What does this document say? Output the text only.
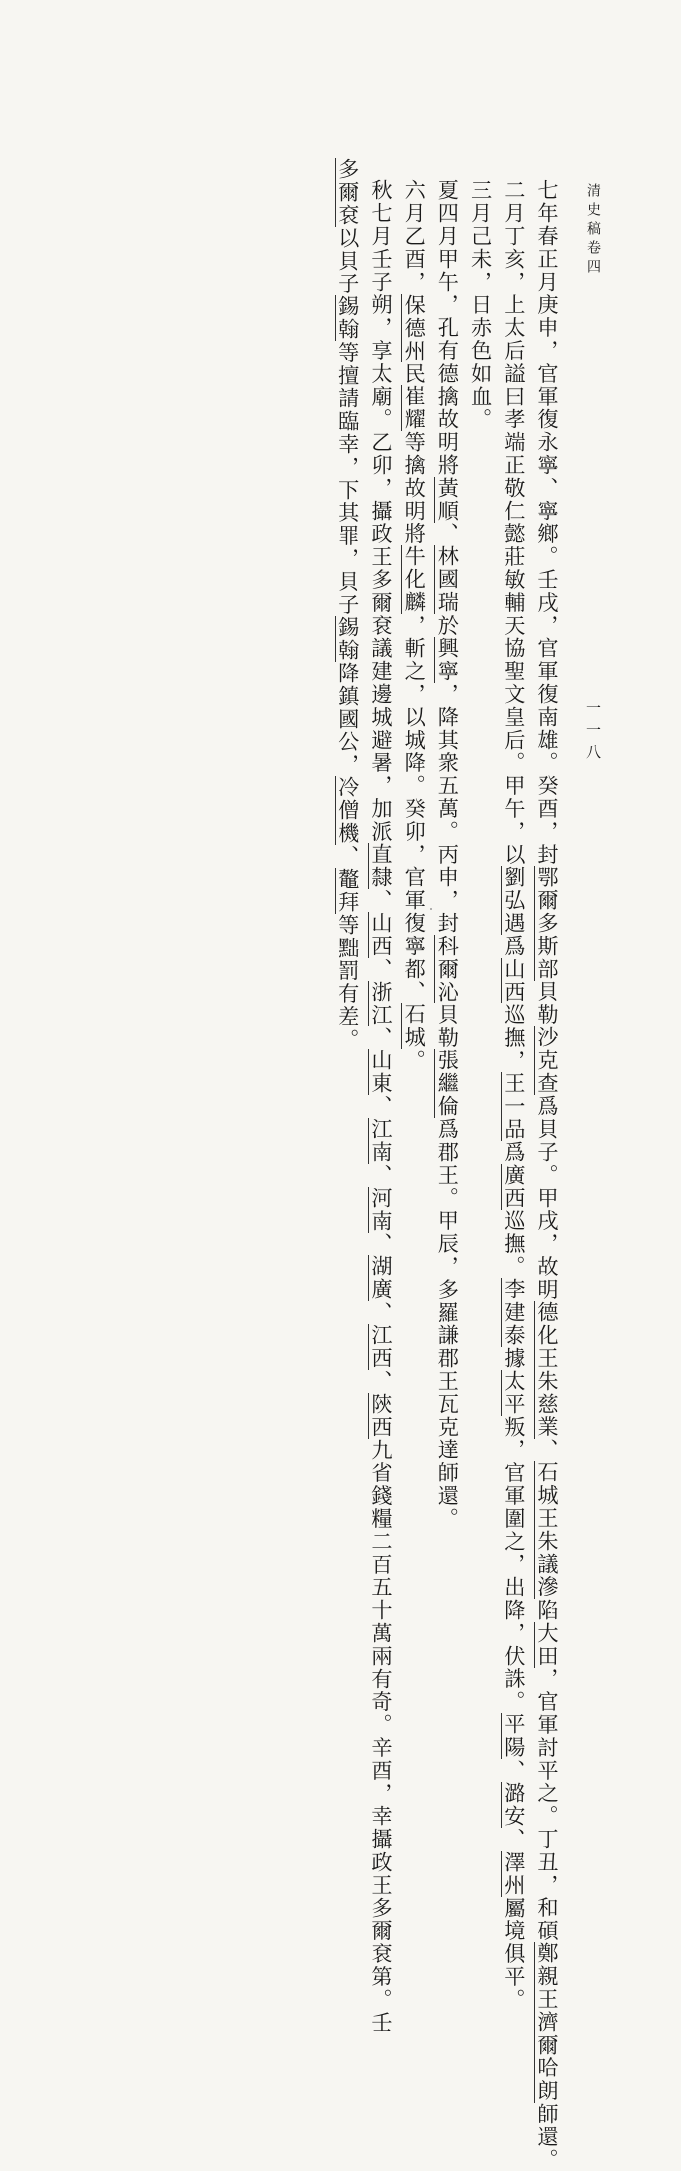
清史稿卷四
一一八

七年春正月庚申，官軍復永寧、寧鄉。壬戌，官軍復南雄。癸酉，封鄂爾多斯部貝勒沙克查爲貝子。甲戌，故明德化王朱慈業、石城王朱議滲陷大田，官軍討平之。丁丑，和碩鄭親王濟爾哈朗師還。

二月丁亥，上太后謚曰孝端正敬仁懿莊敏輔天協聖文皇后。甲午，以劉弘遇爲山西巡撫，王一品爲廣西巡撫。李建泰據太平叛，官軍圍之，出降，伏誅。平陽、潞安、澤州屬境俱平。

三月己未，日赤色如血。

夏四月甲午，孔有德擒故明將黃順、林國瑞於興寧，降其衆五萬。丙申，封科爾沁貝勒張繼倫爲郡王。甲辰，多羅謙郡王瓦克達師還。

六月乙酉，保德州民崔耀等擒故明將牛化麟，斬之，以城降。癸卯，官軍復寧都、石城。

秋七月壬子朔，享太廟。乙卯，攝政王多爾袞議建邊城避暑，加派直隸、山西、浙江、山東、江南、河南、湖廣、江西、陝西九省錢糧二百五十萬兩有奇。辛酉，幸攝政王多爾袞第。壬

多爾袞以貝子錫翰等擅請臨幸，下其罪，貝子錫翰降鎮國公，冷僧機、鼇拜等黜罰有差。
